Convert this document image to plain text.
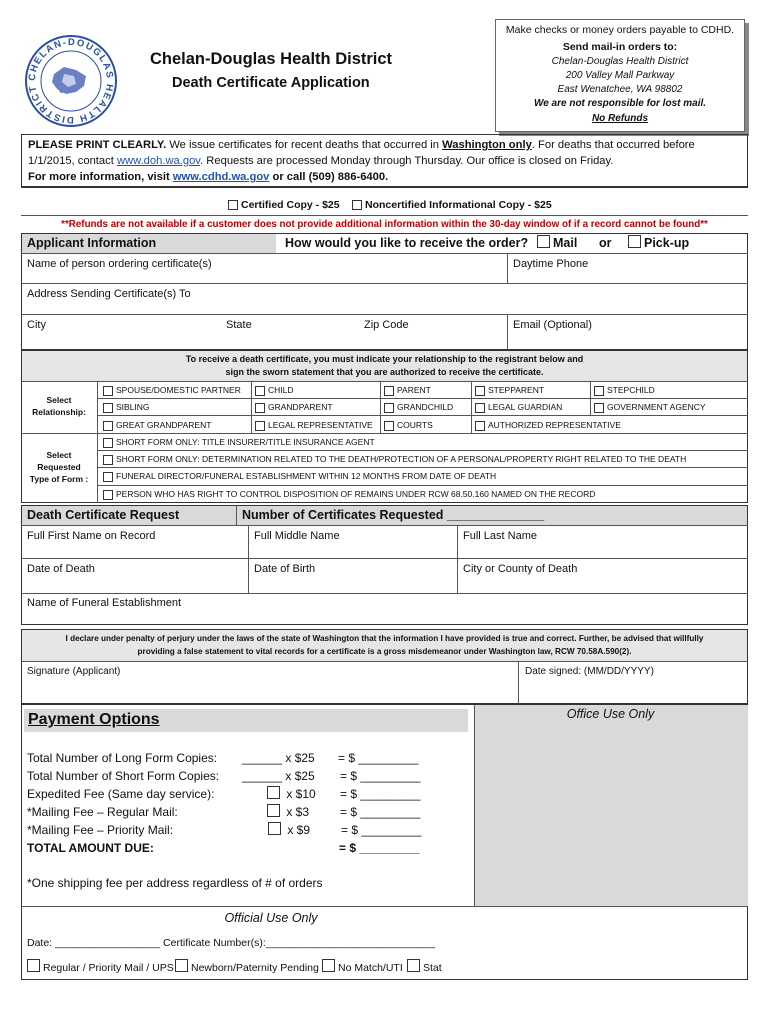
CHELAN-DOUGLAS HEALTH DISTRICT
Chelan-Douglas Health District
Death Certificate Application
Make checks or money orders payable to CDHD.
Send mail-in orders to:
Chelan-Douglas Health District
200 Valley Mall Parkway
East Wenatchee, WA 98802
We are not responsible for lost mail.
No Refunds
PLEASE PRINT CLEARLY. We issue certificates for recent deaths that occurred in Washington only. For deaths that occurred before
1/1/2015, contact www.doh.wa.gov. Requests are processed Monday through Thursday. Our office is closed on Friday.
For more information, visit www.cdhd.wa.gov or call (509) 886-6400.
Certified Copy - $25	Noncertified Informational Copy - $25
**Refunds are not available if a customer does not provide additional information within the 30-day window of if a record cannot be found**
Applicant Information	How would you like to receive the order?	Mail or	Pick-up
Name of person ordering certificate(s)	Daytime Phone
Address Sending Certificate(s) To
City	State	Zip Code	Email (Optional)
To receive a death certificate, you must indicate your relationship to the registrant below and
sign the sworn statement that you are authorized to receive the certificate.
Select
Relationship:
SPOUSE/DOMESTIC PARTNER	CHILD	PARENT	STEPPARENT	STEPCHILD
SIBLING	GRANDPARENT	GRANDCHILD	LEGAL GUARDIAN	GOVERNMENT AGENCY
GREAT GRANDPARENT	LEGAL REPRESENTATIVE	COURTS	AUTHORIZED REPRESENTATIVE
Select
Requested
Type of Form :
SHORT FORM ONLY: TITLE INSURER/TITLE INSURANCE AGENT
SHORT FORM ONLY: DETERMINATION RELATED TO THE DEATH/PROTECTION OF A PERSONAL/PROPERTY RIGHT RELATED TO THE DEATH
FUNERAL DIRECTOR/FUNERAL ESTABLISHMENT WITHIN 12 MONTHS FROM DATE OF DEATH
PERSON WHO HAS RIGHT TO CONTROL DISPOSITION OF REMAINS UNDER RCW 68.50.160 NAMED ON THE RECORD
Death Certificate Request	Number of Certificates Requested ______________
Full First Name on Record	Full Middle Name	Full Last Name
Date of Death	Date of Birth	City or County of Death
Name of Funeral Establishment
I declare under penalty of perjury under the laws of the state of Washington that the information I have provided is true and correct. Further, be advised that willfully
providing a false statement to vital records for a certificate is a gross misdemeanor under Washington law, RCW 70.58A.590(2).
Signature (Applicant)	Date signed: (MM/DD/YYYY)
Payment Options	Office Use Only
Total Number of Long Form Copies: ______ x $25 = $ _________
Total Number of Short Form Copies: ______ x $25 = $ _________
Expedited Fee (Same day service):	x $10 = $ _________
*Mailing Fee – Regular Mail:	x $3	= $ _________
*Mailing Fee – Priority Mail:	x $9	= $ _________
TOTAL AMOUNT DUE:	= $ _________
*One shipping fee per address regardless of # of orders
Official Use Only
Date: __________________ Certificate Number(s):_____________________________
Regular / Priority Mail / UPS	Newborn/Paternity Pending	No Match/UTI	Stat
